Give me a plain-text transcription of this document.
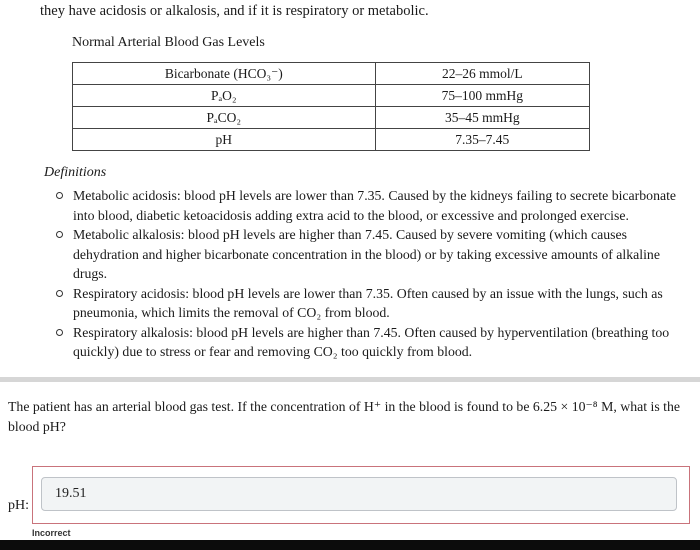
they have acidosis or alkalosis, and if it is respiratory or metabolic.

Normal Arterial Blood Gas Levels

Bicarbonate (HCO₃⁻)	22–26 mmol/L
PₐO₂	75–100 mmHg
PₐCO₂	35–45 mmHg
pH	7.35–7.45

Definitions

Metabolic acidosis: blood pH levels are lower than 7.35. Caused by the kidneys failing to secrete bicarbonate into blood, diabetic ketoacidosis adding extra acid to the blood, or excessive and prolonged exercise.
Metabolic alkalosis: blood pH levels are higher than 7.45. Caused by severe vomiting (which causes dehydration and higher bicarbonate concentration in the blood) or by taking excessive amounts of alkaline drugs.
Respiratory acidosis: blood pH levels are lower than 7.35. Often caused by an issue with the lungs, such as pneumonia, which limits the removal of CO₂ from blood.
Respiratory alkalosis: blood pH levels are higher than 7.45. Often caused by hyperventilation (breathing too quickly) due to stress or fear and removing CO₂ too quickly from blood.

The patient has an arterial blood gas test. If the concentration of H⁺ in the blood is found to be 6.25 × 10⁻⁸ M, what is the blood pH?

pH:

19.51
Incorrect
